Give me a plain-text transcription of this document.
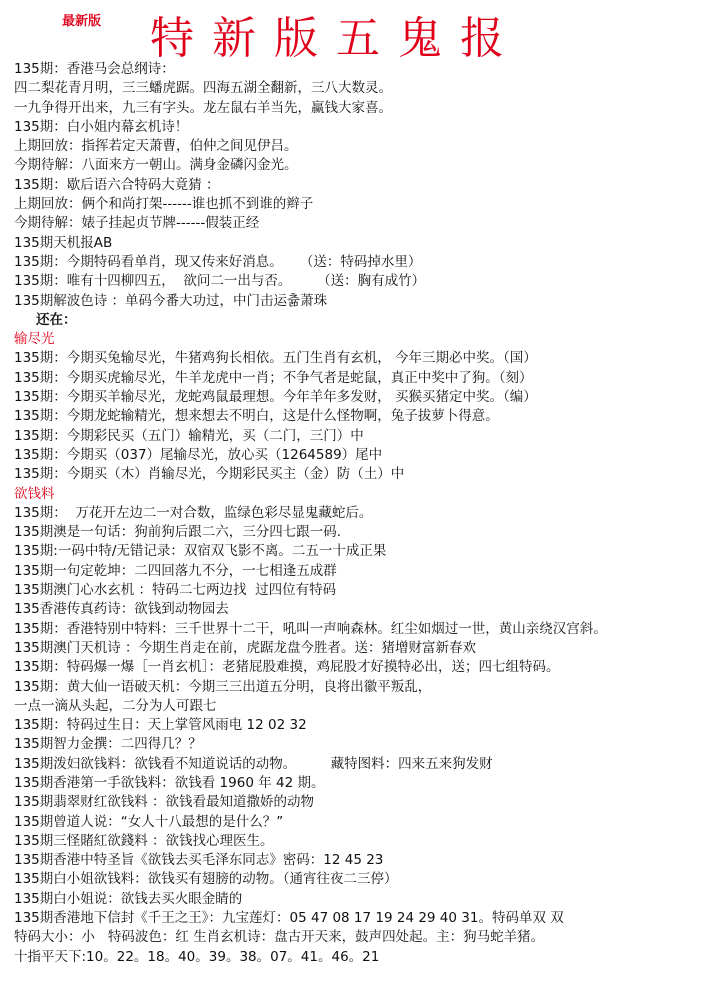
最新版 特新版五鬼报
135期：香港马会总纲诗：
四二梨花青月明，三三蟠虎踞。四海五湖全翻新，三八大数灵。
一九争得开出来，九三有字头。龙左鼠右羊当先，赢钱大家喜。
135期：白小姐内幕玄机诗！
上期回放：指挥若定天萧曹，伯仲之间见伊吕。
今期待解：八面来方一朝山。满身金磷闪金光。
135期：歇后语六合特码大竟猜 ：
上期回放：俩个和尚打架------谁也抓不到谁的辫子
今期待解：婊子挂起贞节牌------假装正经
135期天机报AB
135期：今期特码看单肖，现又传来好消息。    （送：特码掉水里）
135期：唯有十四柳四五，  欲问二一出与否。      （送：胸有成竹）
135期解波色诗 ：单码今番大功过，中门击运츎萧珠
还在：
输尽光
135期：今期买兔输尽光，牛猪鸡狗长相依。五门生肖有玄机， 今年三期必中奖。（国）
135期：今期买虎输尽光，牛羊龙虎中一肖；不争气者是蛇鼠，真正中奖中了狗。（刻）
135期：今期买羊输尽光，龙蛇鸡鼠最理想。今年羊年多发财， 买猴买猪定中奖。（编）
135期：今期龙蛇输精光，想来想去不明白，这是什么怪物啊，兔子拔萝卜得意。
135期：今期彩民买（五门）输精光，买（二门，三门）中
135期：今期买（037）尾输尽光，放心买（1264589）尾中
135期：今期买（木）肖输尽光，今期彩民买主（金）防（土）中
欲钱料
135期：  万花开左边二一对合数，监绿色彩尽显鬼藏蛇后。
135期澳是一句话：狗前狗后跟二六，三分四七跟一码.
135期:一码中特/无错记录：双宿双飞影不离。二五一十成正果
135期一句定乾坤：二四回落九不分，一七相逢五成群
135期澳门心水玄机 ：特码二七两边找  过四位有特码
135香港传真药诗：欲钱到动物园去
135期：香港特别中特料：三千世界十二干，吼叫一声响森林。红尘如烟过一世，黄山亲绕汉宫斜。
135期澳门天机诗 ：今期生肖走在前，虎踞龙盘今胜者。送：猪增财富新春欢
135期：特码爆一爆［一肖玄机］：老猪屁股难摸，鸡屁股才好摸特必出，送；四七组特码。
135期：黄大仙一语破天机：今期三三出道五分明，良将出徽平叛乱，
一点一滴从头起，二分为人可跟七
135期：特码过生日：天上掌管风雨电 12 02 32
135期智力金撰：二四得几？？
135期泼妇欲钱料：欲钱看不知道说话的动物。        藏特图料：四来五来狗发财
135期香港第一手欲钱料：欲钱看 1960 年 42 期。
135期翡翠财红欲钱料 ：欲钱看最知道撒娇的动物
135期曾道人说：“女人十八最想的是什么？”
135期三怪賭紅欲錢料 ：欲钱找心理医生。
135期香港中特圣旨《欲钱去买毛泽东同志》密码：12 45 23
135期白小姐欲钱料：欲钱买有翅膀的动物。（通宵往夜二三停）
135期白小姐说：欲钱去买火眼金睛的
135期香港地下信封《千王之王》：九宝莲灯：05 47 08 17 19 24 29 40 31。特码单双 双
特码大小：小   特码波色：红 生肖玄机诗：盘古开天来，鼓声四处起。主：狗马蛇羊猪。
十指平天下:10。22。18。40。39。38。07。41。46。21
